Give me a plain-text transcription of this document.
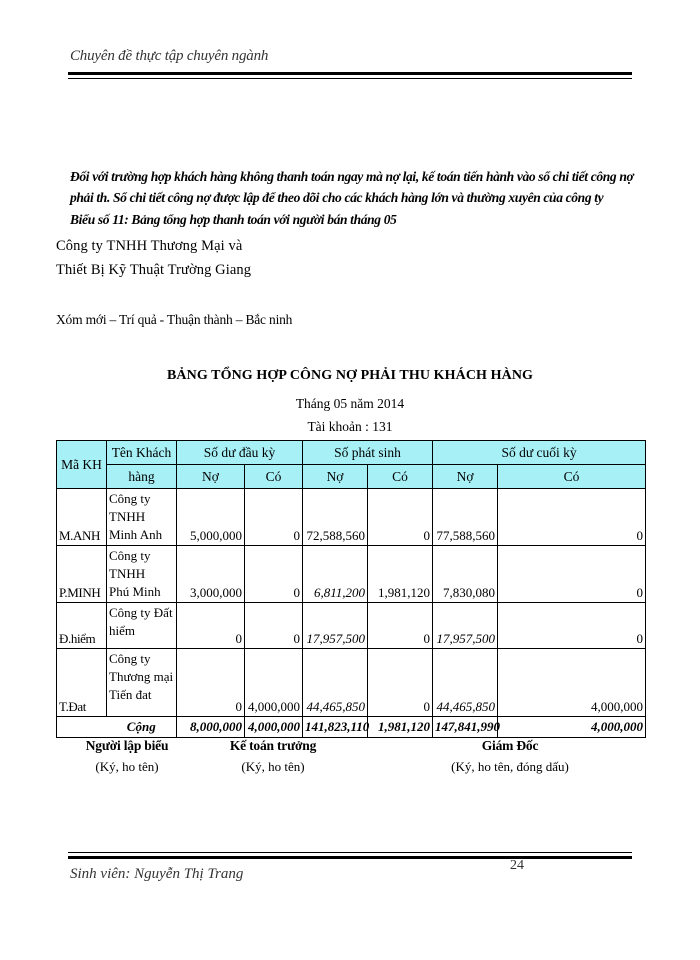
Chuyên đề thực tập chuyên ngành
Đối với trường hợp khách hàng không thanh toán ngay mà nợ lại, kế toán tiến hành vào sổ chi tiết công nợ phải th. Sổ chi tiết công nợ được lập để theo dõi cho các khách hàng lớn và thường xuyên của công ty
Biểu số 11: Bảng tổng hợp thanh toán với người bán tháng 05
Công ty TNHH Thương Mại và
Thiết Bị Kỹ Thuật Trường Giang
Xóm mới – Trí quả - Thuận thành – Bắc ninh
BẢNG TỔNG HỢP CÔNG NỢ PHẢI THU KHÁCH HÀNG
Tháng 05 năm 2014
Tài khoản : 131
Mã KH	Tên Khách	Số dư đầu kỳ		Số phát sinh		Số dư cuối kỳ	
	hàng	Nợ	Có	Nợ	Có	Nợ	Có
M.ANH	Công ty TNHH
Minh Anh	5,000,000	0	72,588,560	0	77,588,560	0
P.MINH	Công ty TNHH
Phú Minh	3,000,000	0	6,811,200	1,981,120	7,830,080	0
Đ.hiểm	Công ty Đất
hiểm	0	0	17,957,500	0	17,957,500	0
T.Đat	Công ty
Thương mại
Tiến đat	0	4,000,000	44,465,850	0	44,465,850	4,000,000
	Cộng	8,000,000	4,000,000	141,823,110	1,981,120	147,841,990	4,000,000
Người lập biểu
(Ký, ho tên)
Kế toán trưởng
(Ký, ho tên)
Giám Đốc
(Ký, ho tên, đóng dấu)
24
Sinh viên: Nguyễn Thị Trang
